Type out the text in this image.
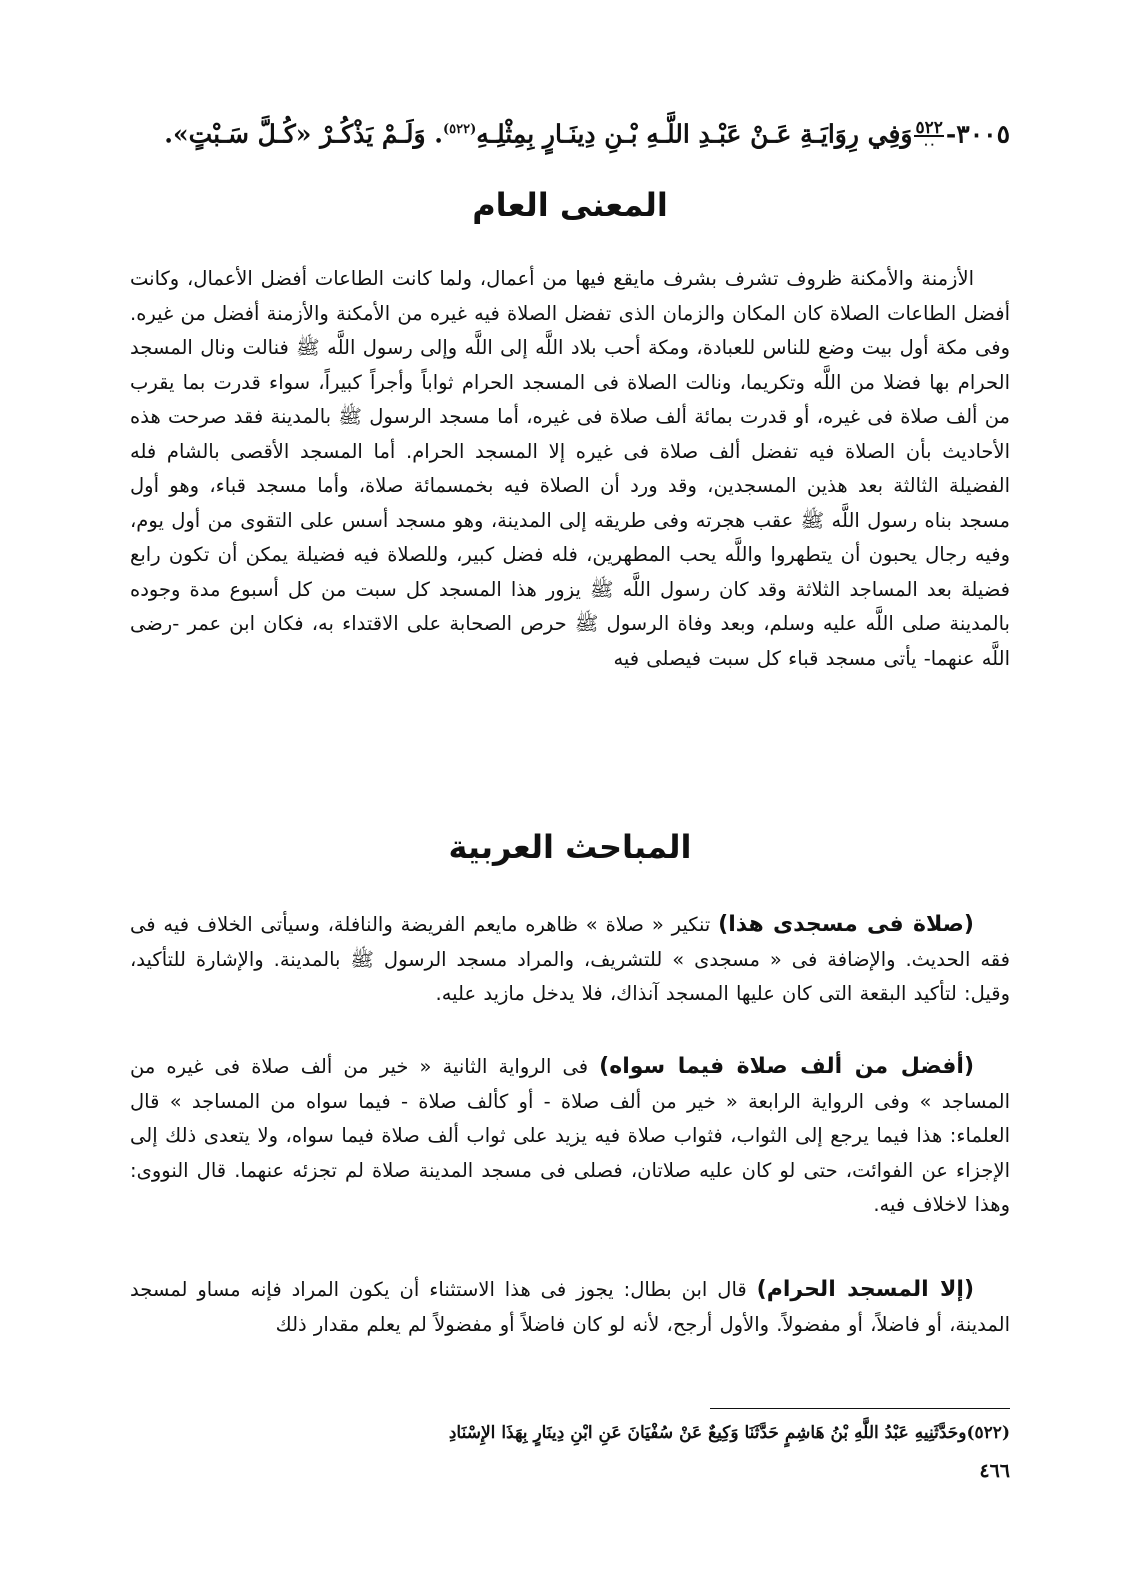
٣٠٠٥-
$\frac{٥٢٢}{٠٠}$
وَفِي رِوَايَـةِ عَـنْ عَبْـدِ اللَّـهِ بْـنِ دِينَـارٍ بِمِثْلِـهِ$^{(٥٢٢)}$. وَلَـمْ يَذْكُـرْ «كُـلَّ سَـبْتٍ».
المعنى العام

الأزمنة والأمكنة ظروف تشرف بشرف مايقع فيها من أعمال، ولما كانت الطاعات أفضل الأعمال، وكانت أفضل الطاعات الصلاة كان المكان والزمان الذى تفضل الصلاة فيه غيره من الأمكنة والأزمنة أفضل من غيره. وفى مكة أول بيت وضع للناس للعبادة، ومكة أحب بلاد اللَّه إلى اللَّه وإلى رسول اللَّه ﷺ فنالت ونال المسجد الحرام بها فضلا من اللَّه وتكريما، ونالت الصلاة فى المسجد الحرام ثواباً وأجراً كبيراً، سواء قدرت بما يقرب من ألف صلاة فى غيره، أو قدرت بمائة ألف صلاة فى غيره، أما مسجد الرسول ﷺ بالمدينة فقد صرحت هذه الأحاديث بأن الصلاة فيه تفضل ألف صلاة فى غيره إلا المسجد الحرام. أما المسجد الأقصى بالشام فله الفضيلة الثالثة بعد هذين المسجدين، وقد ورد أن الصلاة فيه بخمسمائة صلاة، وأما مسجد قباء، وهو أول مسجد بناه رسول اللَّه ﷺ عقب هجرته وفى طريقه إلى المدينة، وهو مسجد أسس على التقوى من أول يوم، وفيه رجال يحبون أن يتطهروا واللَّه يحب المطهرين، فله فضل كبير، وللصلاة فيه فضيلة يمكن أن تكون رابع فضيلة بعد المساجد الثلاثة وقد كان رسول اللَّه ﷺ يزور هذا المسجد كل سبت من كل أسبوع مدة وجوده بالمدينة صلى اللَّه عليه وسلم، وبعد وفاة الرسول ﷺ حرص الصحابة على الاقتداء به، فكان ابن عمر -رضى اللَّه عنهما- يأتى مسجد قباء كل سبت فيصلى فيه

المباحث العربية

(صلاة فى مسجدى هذا) تنكير « صلاة » ظاهره مايعم الفريضة والنافلة، وسيأتى الخلاف فيه فى فقه الحديث. والإضافة فى « مسجدى » للتشريف، والمراد مسجد الرسول ﷺ بالمدينة. والإشارة للتأكيد، وقيل: لتأكيد البقعة التى كان عليها المسجد آنذاك، فلا يدخل مازيد عليه.

(أفضل من ألف صلاة فيما سواه) فى الرواية الثانية « خير من ألف صلاة فى غيره من المساجد » وفى الرواية الرابعة « خير من ألف صلاة - أو كألف صلاة - فيما سواه من المساجد » قال العلماء: هذا فيما يرجع إلى الثواب، فثواب صلاة فيه يزيد على ثواب ألف صلاة فيما سواه، ولا يتعدى ذلك إلى الإجزاء عن الفوائت، حتى لو كان عليه صلاتان، فصلى فى مسجد المدينة صلاة لم تجزئه عنهما. قال النووى: وهذا لاخلاف فيه.

(إلا المسجد الحرام) قال ابن بطال: يجوز فى هذا الاستثناء أن يكون المراد فإنه مساو لمسجد المدينة، أو فاضلاً، أو مفضولاً. والأول أرجح، لأنه لو كان فاضلاً أو مفضولاً لم يعلم مقدار ذلك

(٥٢٢)وحَدَّثَنِيهِ عَبْدُ اللَّهِ بْنُ هَاشِمٍ حَدَّثَنَا وَكِيعٌ عَنْ سُفْيَانَ عَنِ ابْنِ دِينَارٍ بِهَذَا الإِسْنَادِ

٤٦٦
